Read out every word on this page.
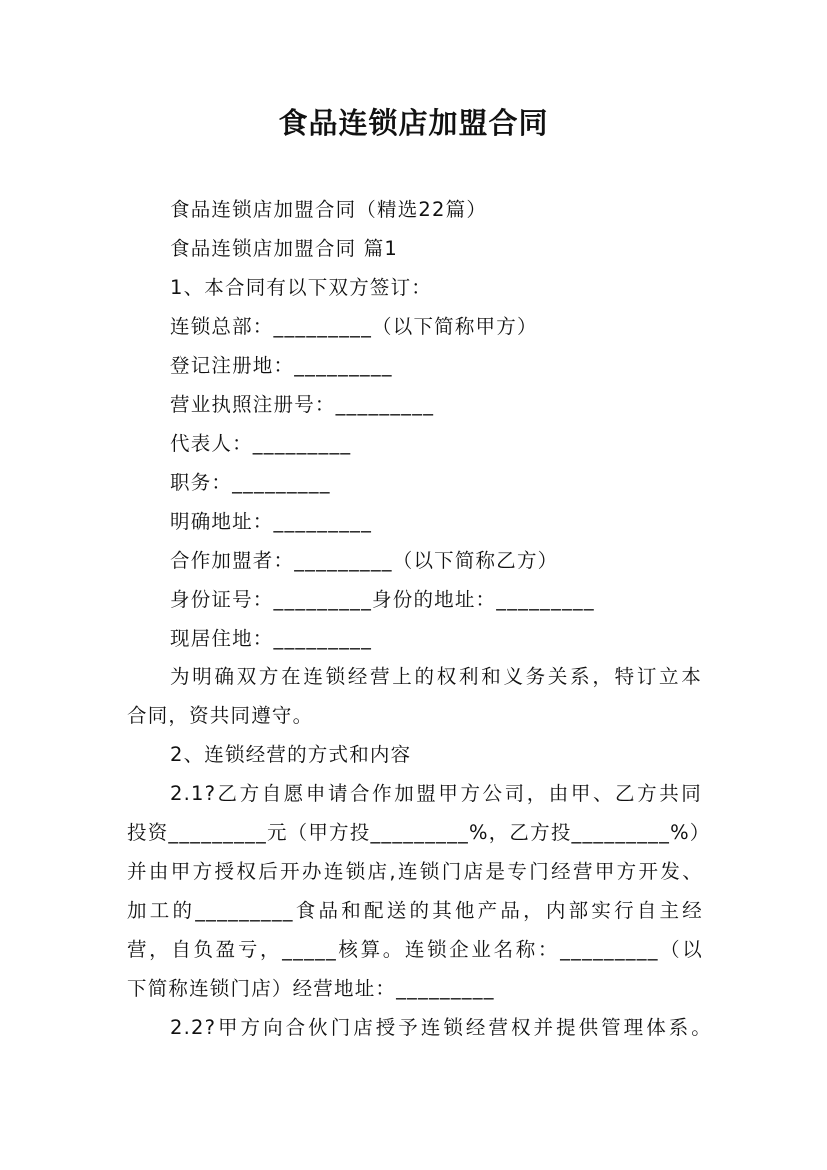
食品连锁店加盟合同
食品连锁店加盟合同（精选22篇）
食品连锁店加盟合同 篇1
1、本合同有以下双方签订：
连锁总部：_________（以下简称甲方）
登记注册地：_________
营业执照注册号：_________
代表人：_________
职务：_________
明确地址：_________
合作加盟者：_________（以下简称乙方）
身份证号：_________身份的地址：_________
现居住地：_________
为明确双方在连锁经营上的权利和义务关系，特订立本
合同，资共同遵守。
2、连锁经营的方式和内容
2.1?乙方自愿申请合作加盟甲方公司，由甲、乙方共同
投资_________元（甲方投_________%，乙方投_________%）
并由甲方授权后开办连锁店,连锁门店是专门经营甲方开发、
加工的_________食品和配送的其他产品，内部实行自主经
营，自负盈亏，_____核算。连锁企业名称：_________（以
下简称连锁门店）经营地址：_________
2.2?甲方向合伙门店授予连锁经营权并提供管理体系。
